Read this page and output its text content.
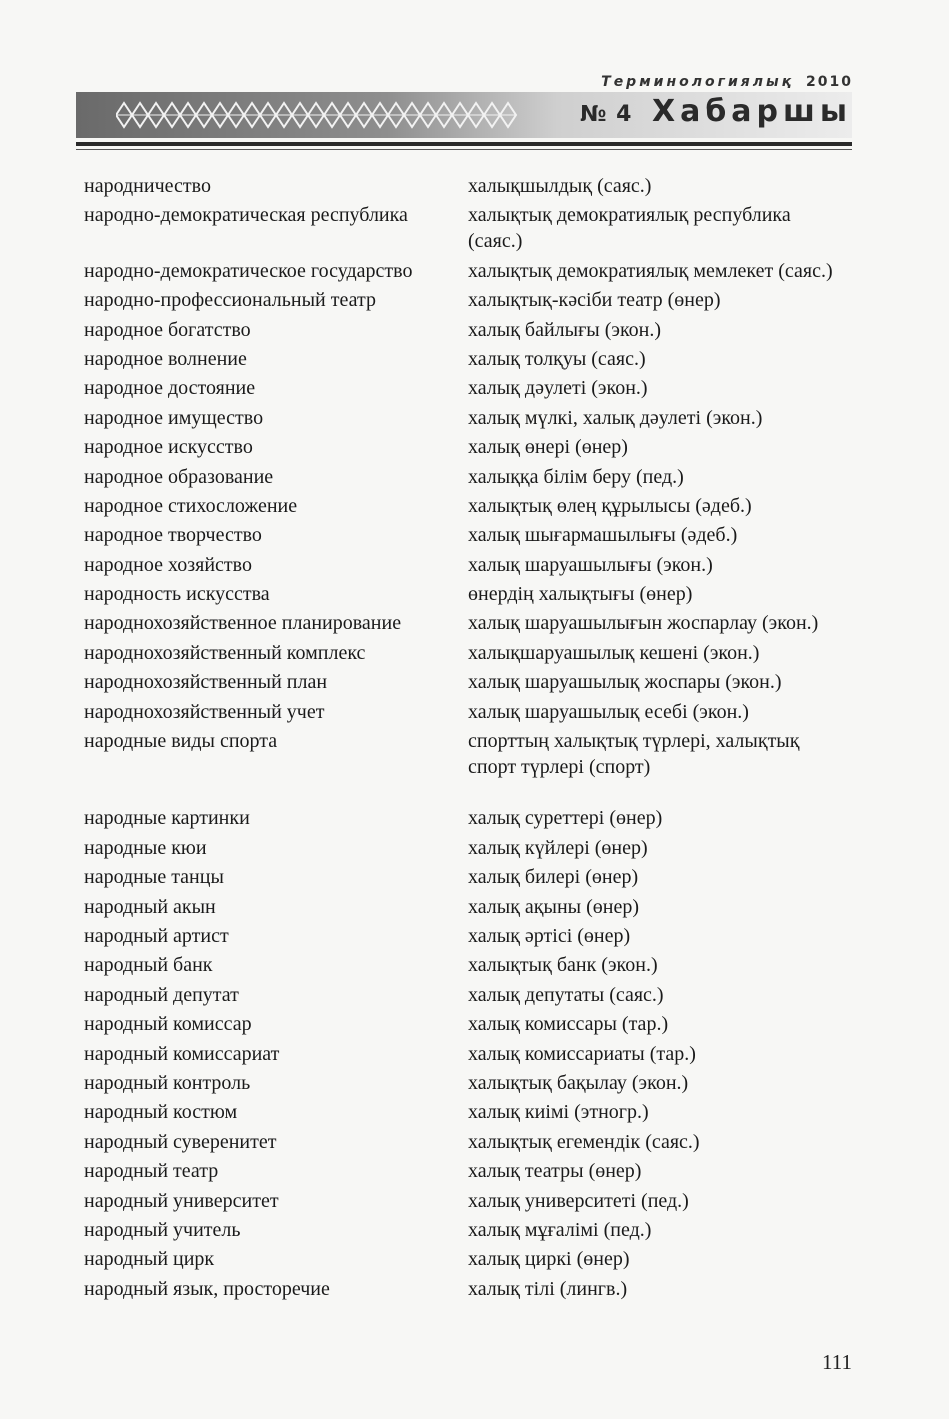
Терминологиялық 2010
№ 4 Хабаршы
народничество	халықшылдық (саяс.)
народно-демократическая республика	халықтық демократиялық республика (саяс.)
народно-демократическое государство	халықтық демократиялық мемлекет (саяс.)
народно-профессиональный театр	халықтық-кәсіби театр (өнер)
народное богатство	халық байлығы (экон.)
народное волнение	халық толқуы (саяс.)
народное достояние	халық дәулеті (экон.)
народное имущество	халық мүлкі, халық дәулеті (экон.)
народное искусство	халық өнері (өнер)
народное образование	халыққа білім беру (пед.)
народное стихосложение	халықтық өлең құрылысы (әдеб.)
народное творчество	халық шығармашылығы (әдеб.)
народное хозяйство	халық шаруашылығы (экон.)
народность искусства	өнердің халықтығы (өнер)
народнохозяйственное планирование	халық шаруашылығын жоспарлау (экон.)
народнохозяйственный комплекс	халықшаруашылық кешені (экон.)
народнохозяйственный план	халық шаруашылық жоспары (экон.)
народнохозяйственный учет	халық шаруашылық есебі (экон.)
народные виды спорта	спорттың халықтық түрлері, халықтық спорт түрлері (спорт)
народные картинки	халық суреттері (өнер)
народные кюи	халық күйлері (өнер)
народные танцы	халық билері (өнер)
народный акын	халық ақыны (өнер)
народный артист	халық әртісі (өнер)
народный банк	халықтық банк (экон.)
народный депутат	халық депутаты (саяс.)
народный комиссар	халық комиссары (тар.)
народный комиссариат	халық комиссариаты (тар.)
народный контроль	халықтық бақылау (экон.)
народный костюм	халық киімі (этногр.)
народный суверенитет	халықтық егемендік (саяс.)
народный театр	халық театры (өнер)
народный университет	халық университеті (пед.)
народный учитель	халық мұғалімі (пед.)
народный цирк	халық циркі (өнер)
народный язык, просторечие	халық тілі (лингв.)
111
